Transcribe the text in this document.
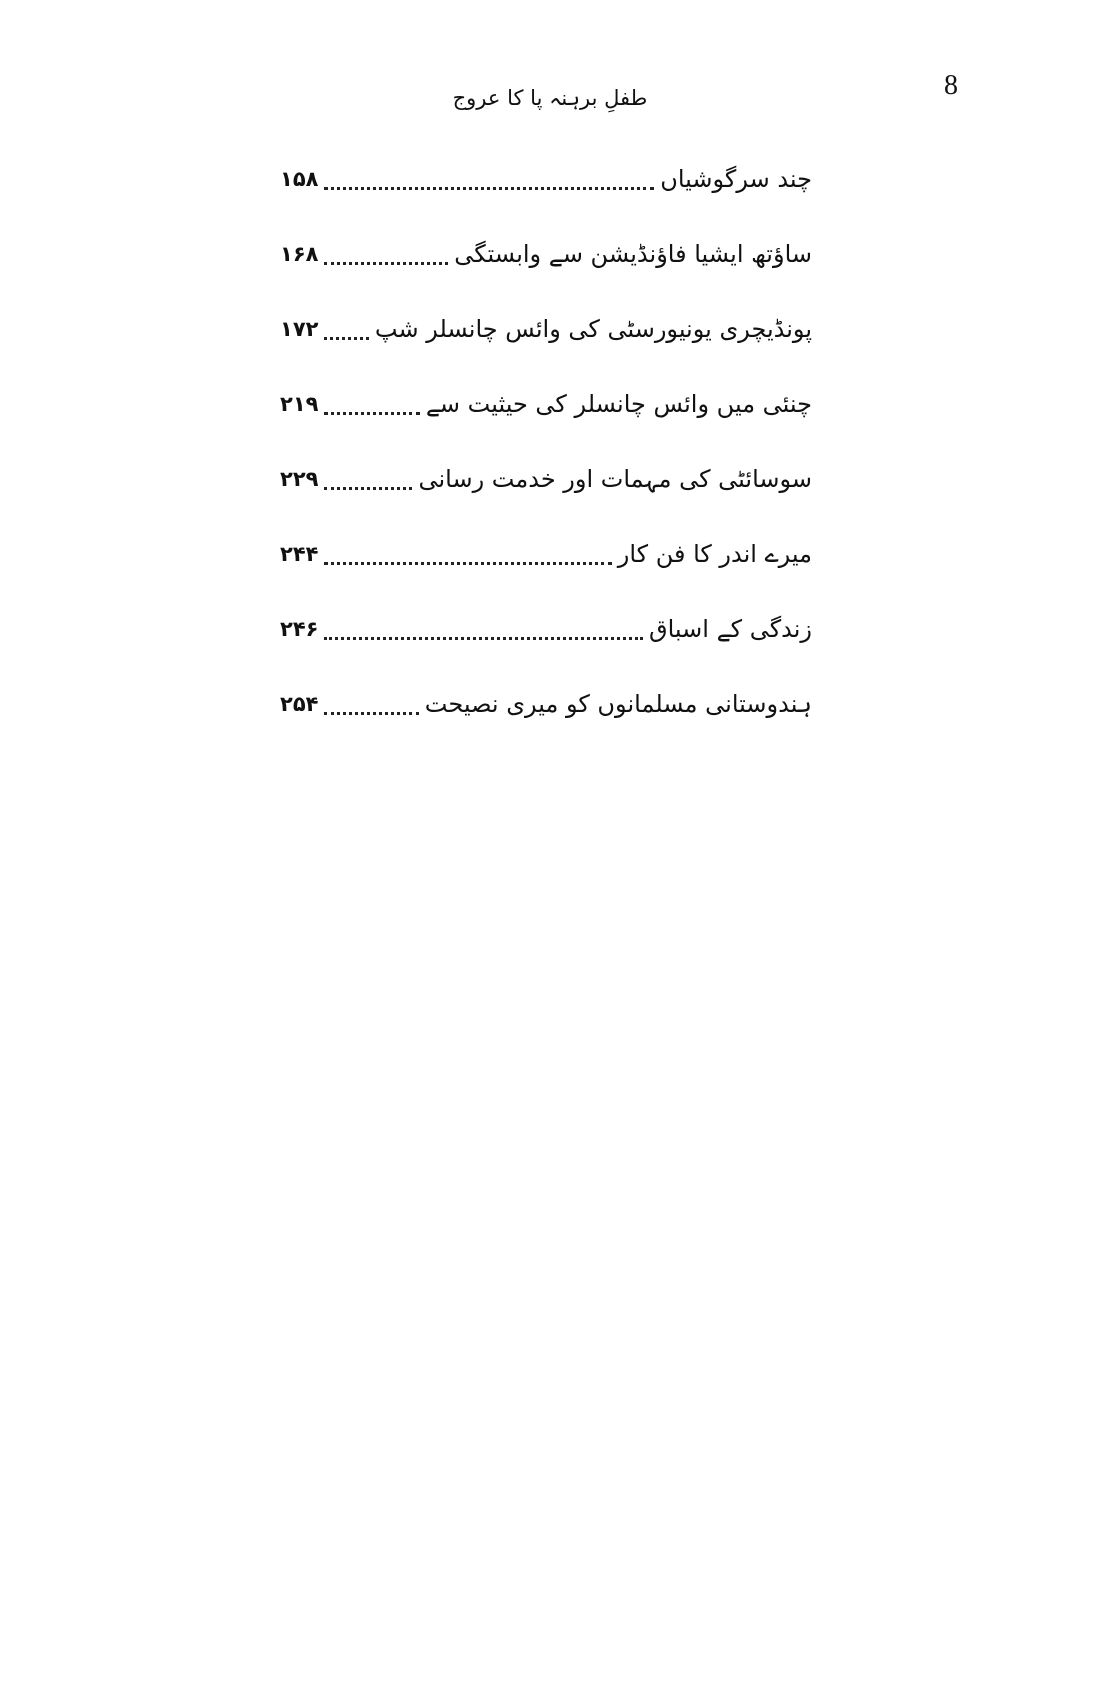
8
طفلِ برہنہ پا کا عروج
چند سرگوشیاں
۱۵۸
ساؤتھ ایشیا فاؤنڈیشن سے وابستگی
۱۶۸
پونڈیچری یونیورسٹی کی وائس چانسلر شپ
۱۷۲
چنئی میں وائس چانسلر کی حیثیت سے
۲۱۹
سوسائٹی کی مہمات اور خدمت رسانی
۲۲۹
میرے اندر کا فن کار
۲۴۴
زندگی کے اسباق
۲۴۶
ہندوستانی مسلمانوں کو میری نصیحت
۲۵۴
